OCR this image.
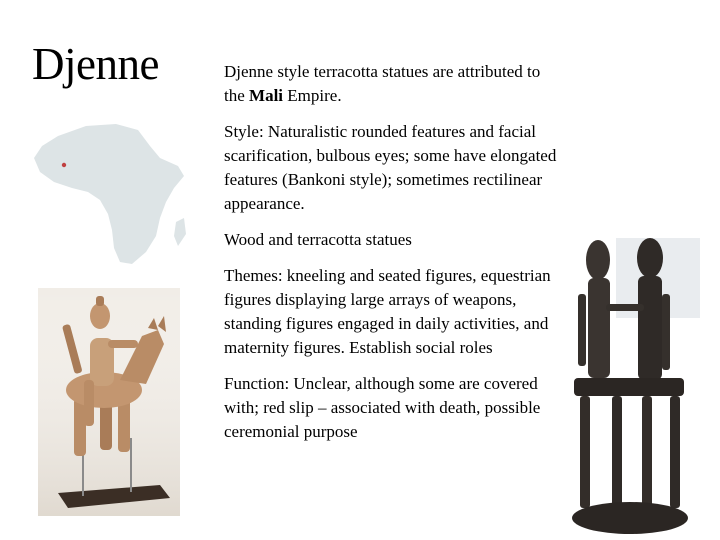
Djenne	Djenne style terracotta statues are attributed to the Mali Empire.

Style: Naturalistic rounded features and facial scarification, bulbous eyes; some have elongated features (Bankoni style); sometimes rectilinear appearance.

Wood and terracotta statues

Themes: kneeling and seated figures, equestrian figures displaying large arrays of weapons, standing figures engaged in daily activities, and maternity figures. Establish social roles

Function: Unclear, although some are covered with; red slip – associated with death, possible ceremonial purpose
